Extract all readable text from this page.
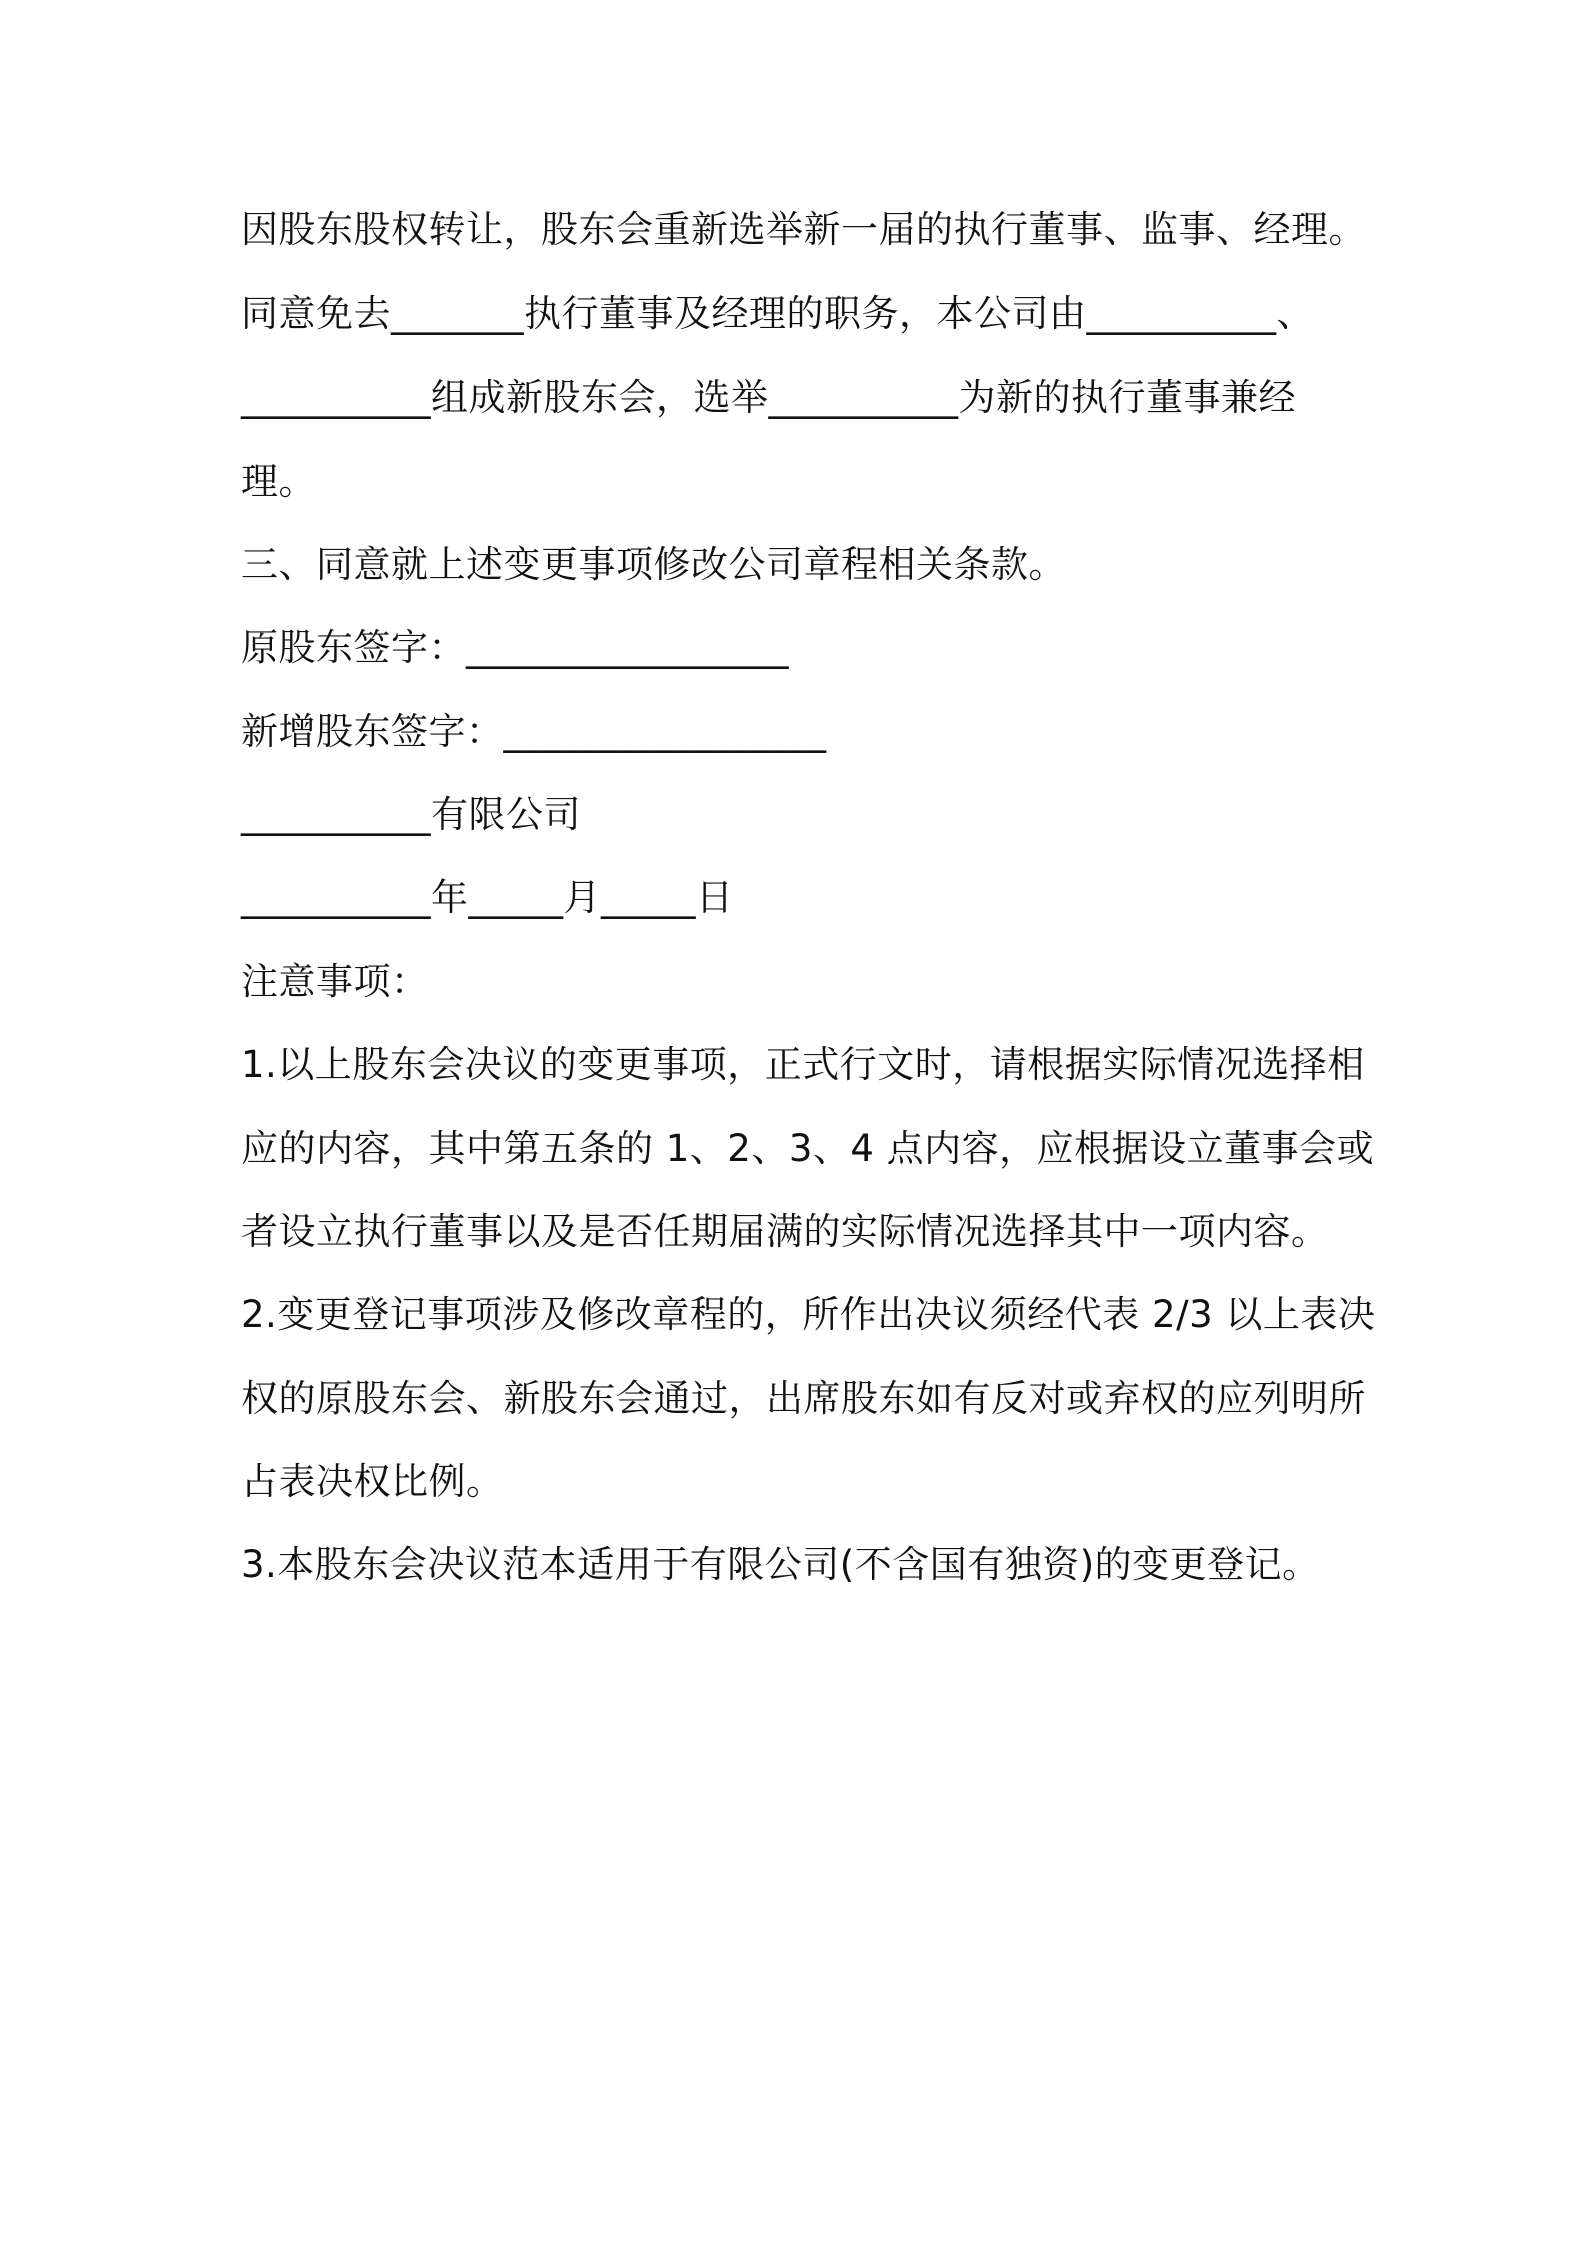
因股东股权转让，股东会重新选举新一届的执行董事、监事、经理。
同意免去_______执行董事及经理的职务，本公司由__________、
__________组成新股东会，选举__________为新的执行董事兼经
理。
三、同意就上述变更事项修改公司章程相关条款。
原股东签字：_________________
新增股东签字：_________________
__________有限公司
__________年_____月_____日
注意事项：
1.以上股东会决议的变更事项，正式行文时，请根据实际情况选择相
应的内容，其中第五条的 1、2、3、4 点内容，应根据设立董事会或
者设立执行董事以及是否任期届满的实际情况选择其中一项内容。
2.变更登记事项涉及修改章程的，所作出决议须经代表 2/3 以上表决
权的原股东会、新股东会通过，出席股东如有反对或弃权的应列明所
占表决权比例。
3.本股东会决议范本适用于有限公司(不含国有独资)的变更登记。
